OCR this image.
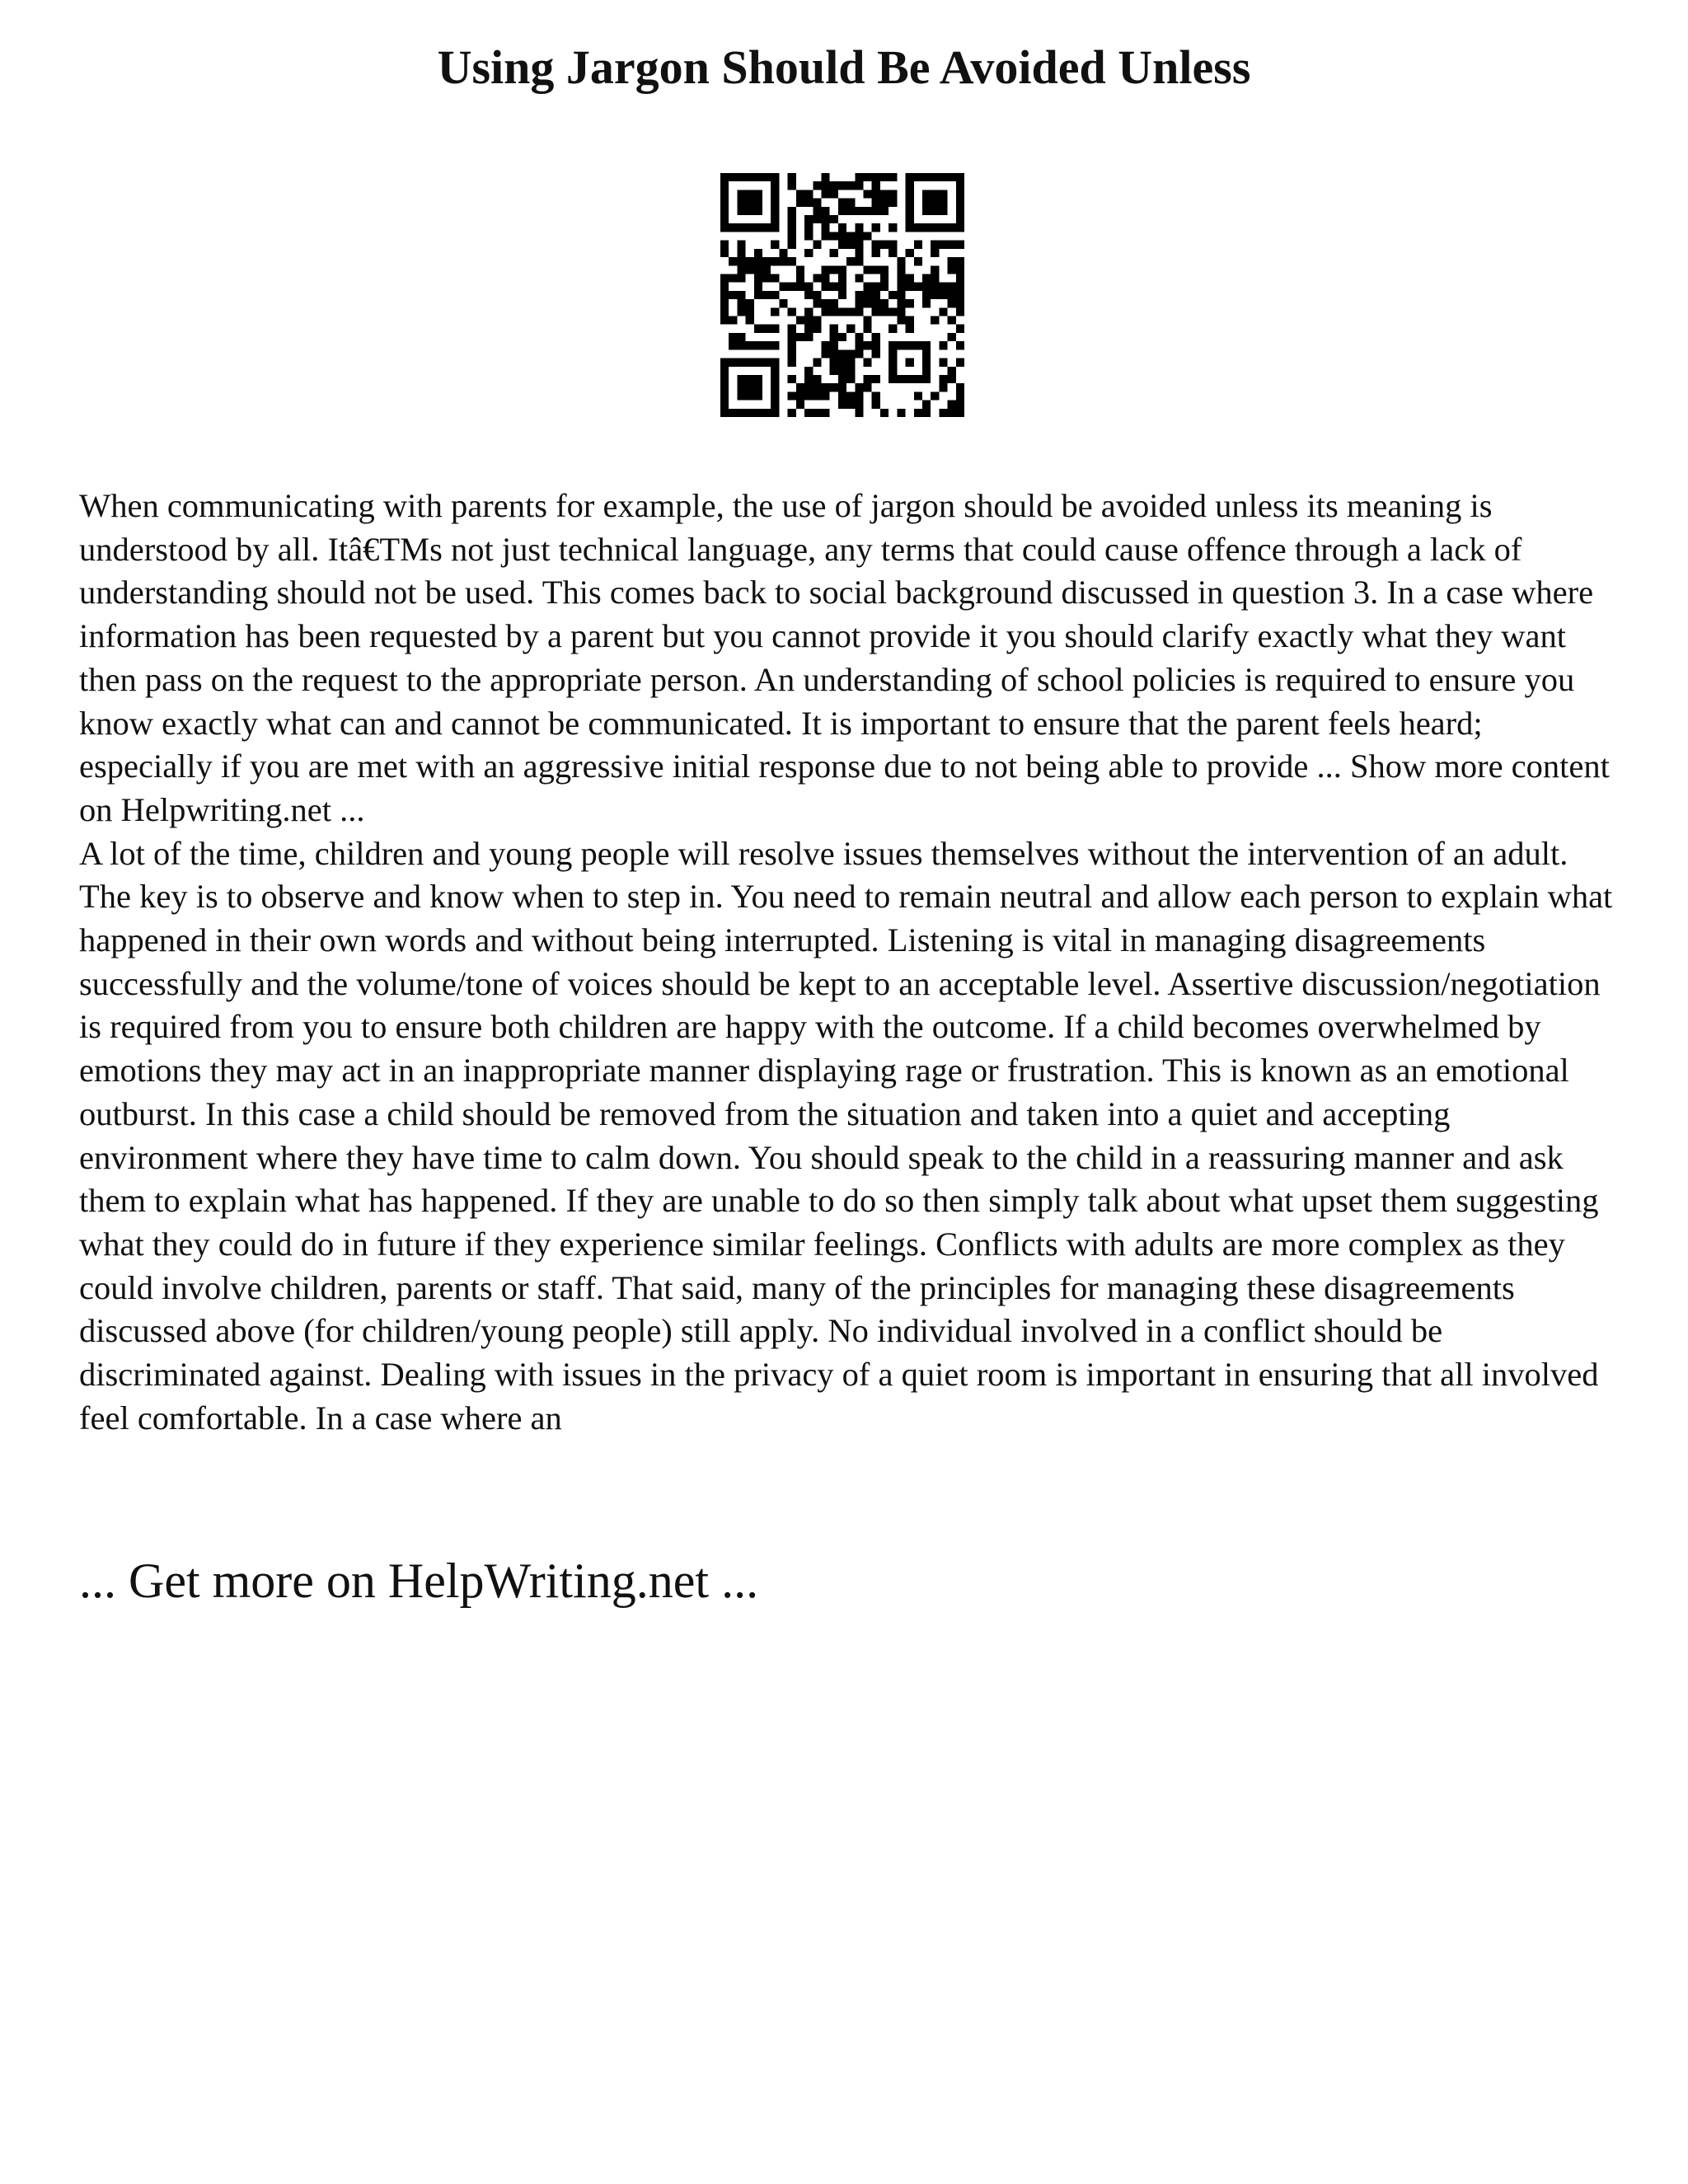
Using Jargon Should Be Avoided Unless

When communicating with parents for example, the use of jargon should be avoided unless its meaning is understood by all. Itâ€TMs not just technical language, any terms that could cause offence through a lack of understanding should not be used. This comes back to social background discussed in question 3. In a case where information has been requested by a parent but you cannot provide it you should clarify exactly what they want then pass on the request to the appropriate person. An understanding of school policies is required to ensure you know exactly what can and cannot be communicated. It is important to ensure that the parent feels heard; especially if you are met with an aggressive initial response due to not being able to provide ... Show more content on Helpwriting.net ...

A lot of the time, children and young people will resolve issues themselves without the intervention of an adult. The key is to observe and know when to step in. You need to remain neutral and allow each person to explain what happened in their own words and without being interrupted. Listening is vital in managing disagreements successfully and the volume/tone of voices should be kept to an acceptable level. Assertive discussion/negotiation is required from you to ensure both children are happy with the outcome. If a child becomes overwhelmed by emotions they may act in an inappropriate manner displaying rage or frustration. This is known as an emotional outburst. In this case a child should be removed from the situation and taken into a quiet and accepting environment where they have time to calm down. You should speak to the child in a reassuring manner and ask them to explain what has happened. If they are unable to do so then simply talk about what upset them suggesting what they could do in future if they experience similar feelings. Conflicts with adults are more complex as they could involve children, parents or staff. That said, many of the principles for managing these disagreements discussed above (for children/young people) still apply. No individual involved in a conflict should be discriminated against. Dealing with issues in the privacy of a quiet room is important in ensuring that all involved feel comfortable. In a case where an

... Get more on HelpWriting.net ...
